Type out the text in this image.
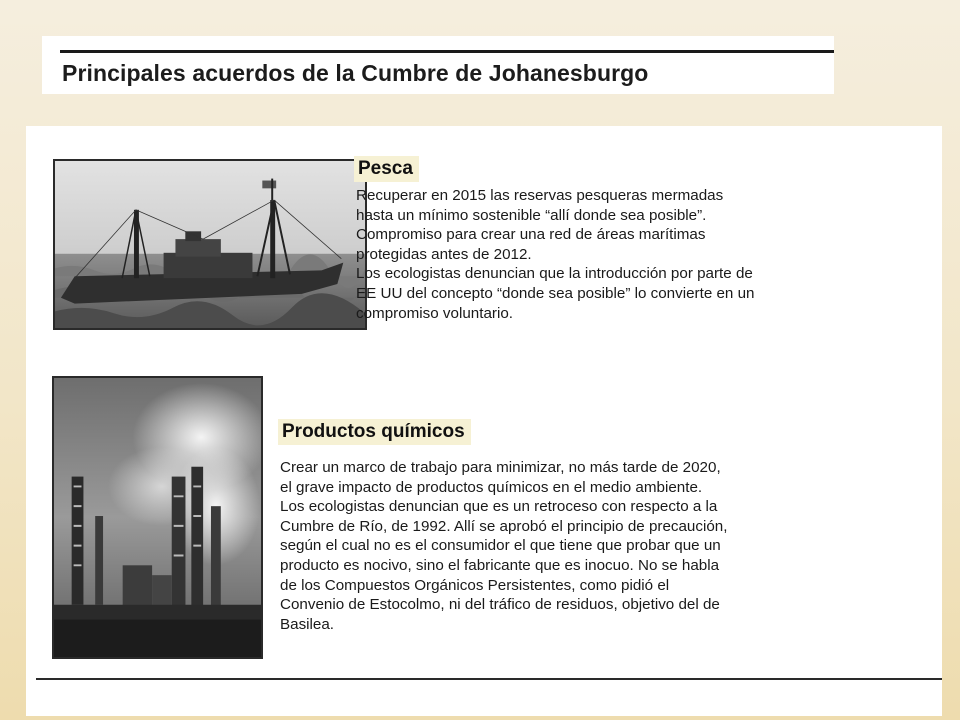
Principales acuerdos de la Cumbre de Johanesburgo
Pesca

Recuperar en 2015 las reservas pesqueras mermadas
hasta un mínimo sostenible “allí donde sea posible”.
Compromiso para crear una red de áreas marítimas
protegidas antes de 2012.
Los ecologistas denuncian que la introducción por parte de
EE UU del concepto “donde sea posible” lo convierte en un
compromiso voluntario.

Productos químicos

Crear un marco de trabajo para minimizar, no más tarde de 2020,
el grave impacto de productos químicos en el medio ambiente.
Los ecologistas denuncian que es un retroceso con respecto a la
Cumbre de Río, de 1992. Allí se aprobó el principio de precaución,
según el cual no es el consumidor el que tiene que probar que un
producto es nocivo, sino el fabricante que es inocuo. No se habla
de los Compuestos Orgánicos Persistentes, como pidió el
Convenio de Estocolmo, ni del tráfico de residuos, objetivo del de
Basilea.
